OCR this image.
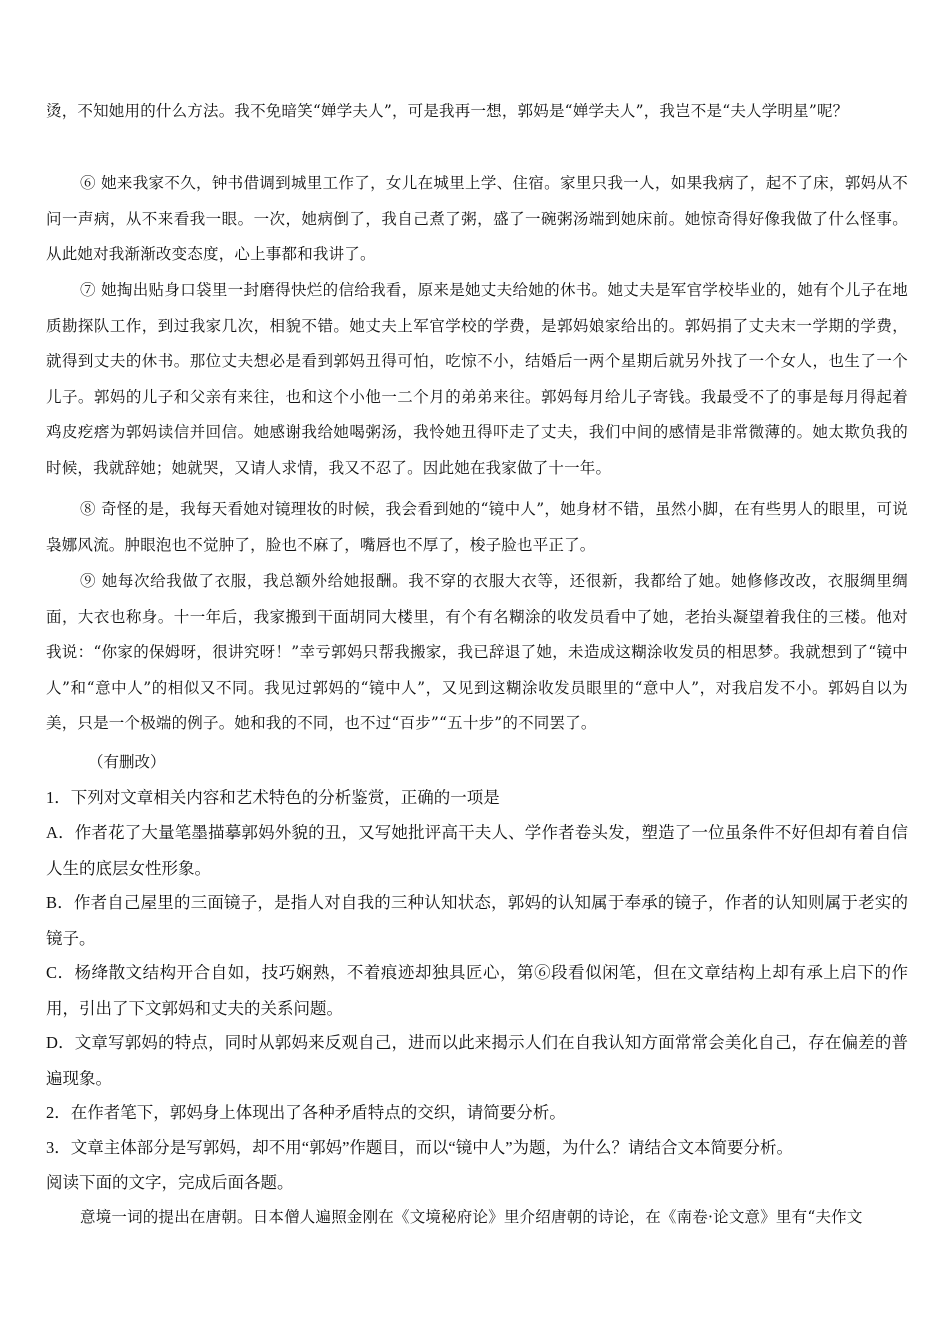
烫，不知她用的什么方法。我不免暗笑“婵学夫人”，可是我再一想，郭妈是“婵学夫人”，我岂不是“夫人学明星”呢？
⑥ 她来我家不久，钟书借调到城里工作了，女儿在城里上学、住宿。家里只我一人，如果我病了，起不了床，郭妈从不问一声病，从不来看我一眼。一次，她病倒了，我自己煮了粥，盛了一碗粥汤端到她床前。她惊奇得好像我做了什么怪事。从此她对我渐渐改变态度，心上事都和我讲了。
⑦ 她掏出贴身口袋里一封磨得快烂的信给我看，原来是她丈夫给她的休书。她丈夫是军官学校毕业的，她有个儿子在地质勘探队工作，到过我家几次，相貌不错。她丈夫上军官学校的学费，是郭妈娘家给出的。郭妈捐了丈夫末一学期的学费，就得到丈夫的休书。那位丈夫想必是看到郭妈丑得可怕，吃惊不小，结婚后一两个星期后就另外找了一个女人，也生了一个儿子。郭妈的儿子和父亲有来往，也和这个小他一二个月的弟弟来往。郭妈每月给儿子寄钱。我最受不了的事是每月得起着鸡皮疙瘩为郭妈读信并回信。她感谢我给她喝粥汤，我怜她丑得吓走了丈夫，我们中间的感情是非常微薄的。她太欺负我的时候，我就辞她；她就哭，又请人求情，我又不忍了。因此她在我家做了十一年。
⑧ 奇怪的是，我每天看她对镜理妆的时候，我会看到她的“镜中人”，她身材不错，虽然小脚，在有些男人的眼里，可说袅娜风流。肿眼泡也不觉肿了，脸也不麻了，嘴唇也不厚了，梭子脸也平正了。
⑨ 她每次给我做了衣服，我总额外给她报酬。我不穿的衣服大衣等，还很新，我都给了她。她修修改改，衣服绸里绸面，大衣也称身。十一年后，我家搬到干面胡同大楼里，有个有名糊涂的收发员看中了她，老抬头凝望着我住的三楼。他对我说：“你家的保姆呀，很讲究呀！”幸亏郭妈只帮我搬家，我已辞退了她，未造成这糊涂收发员的相思梦。我就想到了“镜中人”和“意中人”的相似又不同。我见过郭妈的“镜中人”，又见到这糊涂收发员眼里的“意中人”，对我启发不小。郭妈自以为美，只是一个极端的例子。她和我的不同，也不过“百步”“五十步”的不同罢了。
（有删改）
1．下列对文章相关内容和艺术特色的分析鉴赏，正确的一项是
A．作者花了大量笔墨描摹郭妈外貌的丑，又写她批评高干夫人、学作者卷头发，塑造了一位虽条件不好但却有着自信人生的底层女性形象。
B．作者自己屋里的三面镜子，是指人对自我的三种认知状态，郭妈的认知属于奉承的镜子，作者的认知则属于老实的镜子。
C．杨绛散文结构开合自如，技巧娴熟，不着痕迹却独具匠心，第⑥段看似闲笔，但在文章结构上却有承上启下的作用，引出了下文郭妈和丈夫的关系问题。
D．文章写郭妈的特点，同时从郭妈来反观自己，进而以此来揭示人们在自我认知方面常常会美化自己，存在偏差的普遍现象。
2．在作者笔下，郭妈身上体现出了各种矛盾特点的交织，请简要分析。
3．文章主体部分是写郭妈，却不用“郭妈”作题目，而以“镜中人”为题，为什么？请结合文本简要分析。
阅读下面的文字，完成后面各题。
意境一词的提出在唐朝。日本僧人遍照金刚在《文境秘府论》里介绍唐朝的诗论，在《南卷·论文意》里有“夫作文
